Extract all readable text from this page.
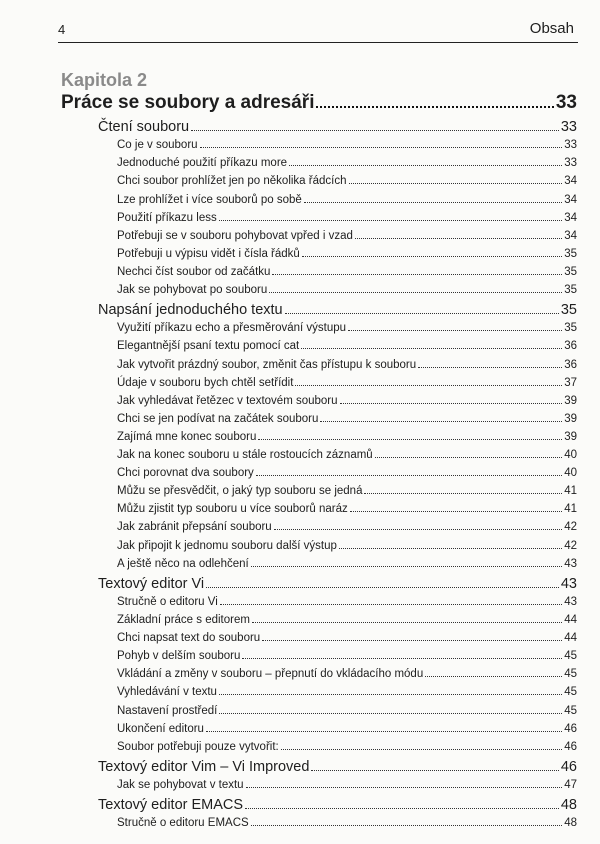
4	Obsah
Kapitola 2
Práce se soubory a adresáři	33
Čtení souboru	33
Co je v souboru	33
Jednoduché použití příkazu more	33
Chci soubor prohlížet jen po několika řádcích	34
Lze prohlížet i více souborů po sobě	34
Použití příkazu less	34
Potřebuji se v souboru pohybovat vpřed i vzad	34
Potřebuji u výpisu vidět i čísla řádků	35
Nechci číst soubor od začátku	35
Jak se pohybovat po souboru	35
Napsání jednoduchého textu	35
Využití příkazu echo a přesměrování výstupu	35
Elegantnější psaní textu pomocí cat	36
Jak vytvořit prázdný soubor, změnit čas přístupu k souboru	36
Údaje v souboru bych chtěl setřídit	37
Jak vyhledávat řetězec v textovém souboru	39
Chci se jen podívat na začátek souboru	39
Zajímá mne konec souboru	39
Jak na konec souboru u stále rostoucích záznamů	40
Chci porovnat dva soubory	40
Můžu se přesvědčit, o jaký typ souboru se jedná	41
Můžu zjistit typ souboru u více souborů naráz	41
Jak zabránit přepsání souboru	42
Jak připojit k jednomu souboru další výstup	42
A ještě něco na odlehčení	43
Textový editor Vi	43
Stručně o editoru Vi	43
Základní práce s editorem	44
Chci napsat text do souboru	44
Pohyb v delším souboru	45
Vkládání a změny v souboru – přepnutí do vkládacího módu	45
Vyhledávání v textu	45
Nastavení prostředí	45
Ukončení editoru	46
Soubor potřebuji pouze vytvořit:	46
Textový editor Vim – Vi Improved	46
Jak se pohybovat v textu	47
Textový editor EMACS	48
Stručně o editoru EMACS	48
